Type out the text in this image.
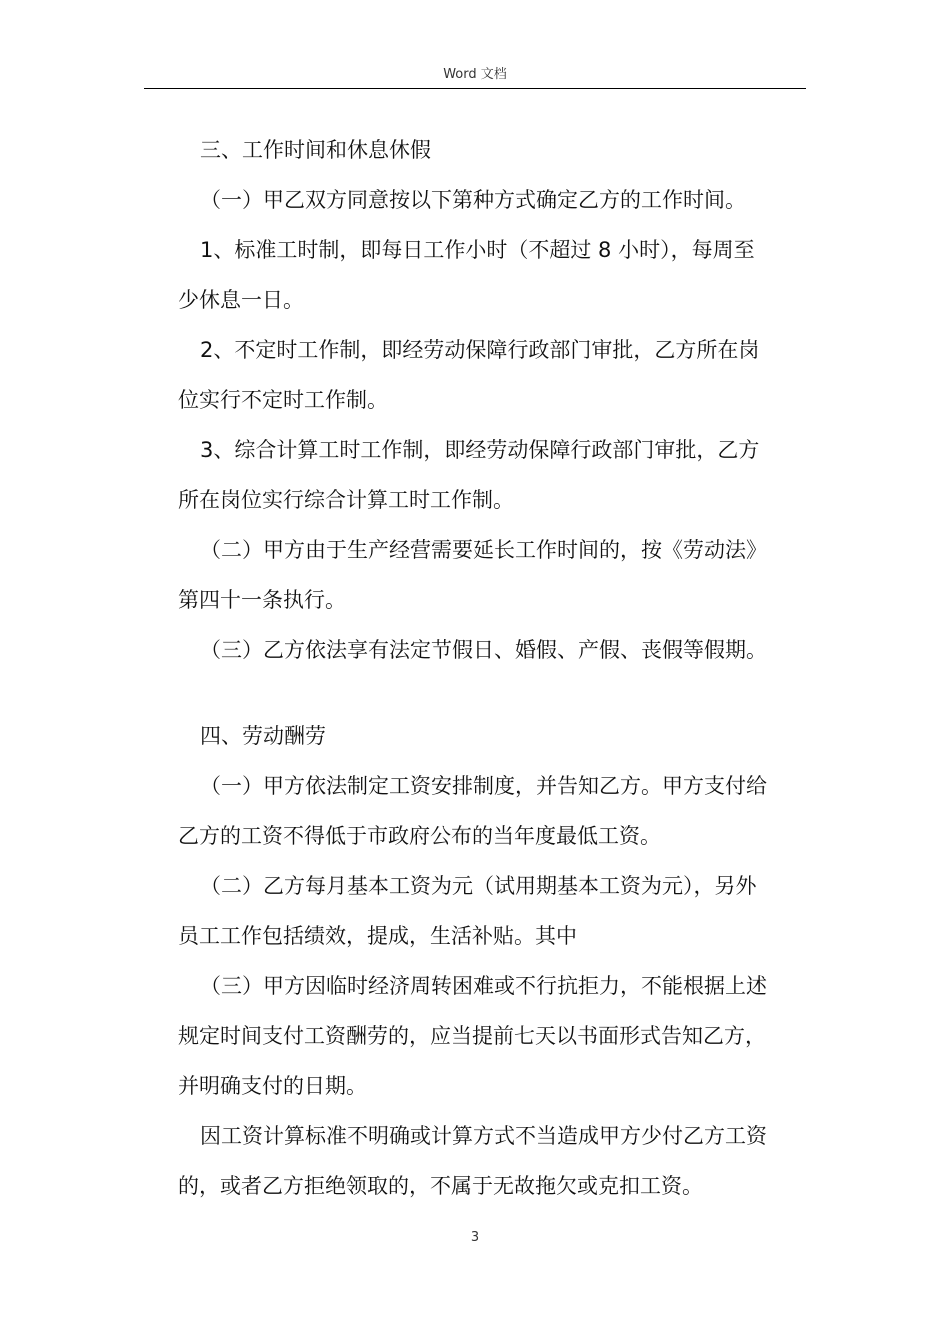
Word 文档
三、工作时间和休息休假
（一）甲乙双方同意按以下第种方式确定乙方的工作时间。
1、标准工时制，即每日工作小时（不超过 8 小时），每周至
少休息一日。
2、不定时工作制，即经劳动保障行政部门审批，乙方所在岗
位实行不定时工作制。
3、综合计算工时工作制，即经劳动保障行政部门审批，乙方
所在岗位实行综合计算工时工作制。
（二）甲方由于生产经营需要延长工作时间的，按《劳动法》
第四十一条执行。
（三）乙方依法享有法定节假日、婚假、产假、丧假等假期。
四、劳动酬劳
（一）甲方依法制定工资安排制度，并告知乙方。甲方支付给
乙方的工资不得低于市政府公布的当年度最低工资。
（二）乙方每月基本工资为元（试用期基本工资为元），另外
员工工作包括绩效，提成，生活补贴。其中
（三）甲方因临时经济周转困难或不行抗拒力，不能根据上述
规定时间支付工资酬劳的，应当提前七天以书面形式告知乙方，
并明确支付的日期。
因工资计算标准不明确或计算方式不当造成甲方少付乙方工资
的，或者乙方拒绝领取的，不属于无故拖欠或克扣工资。
3
